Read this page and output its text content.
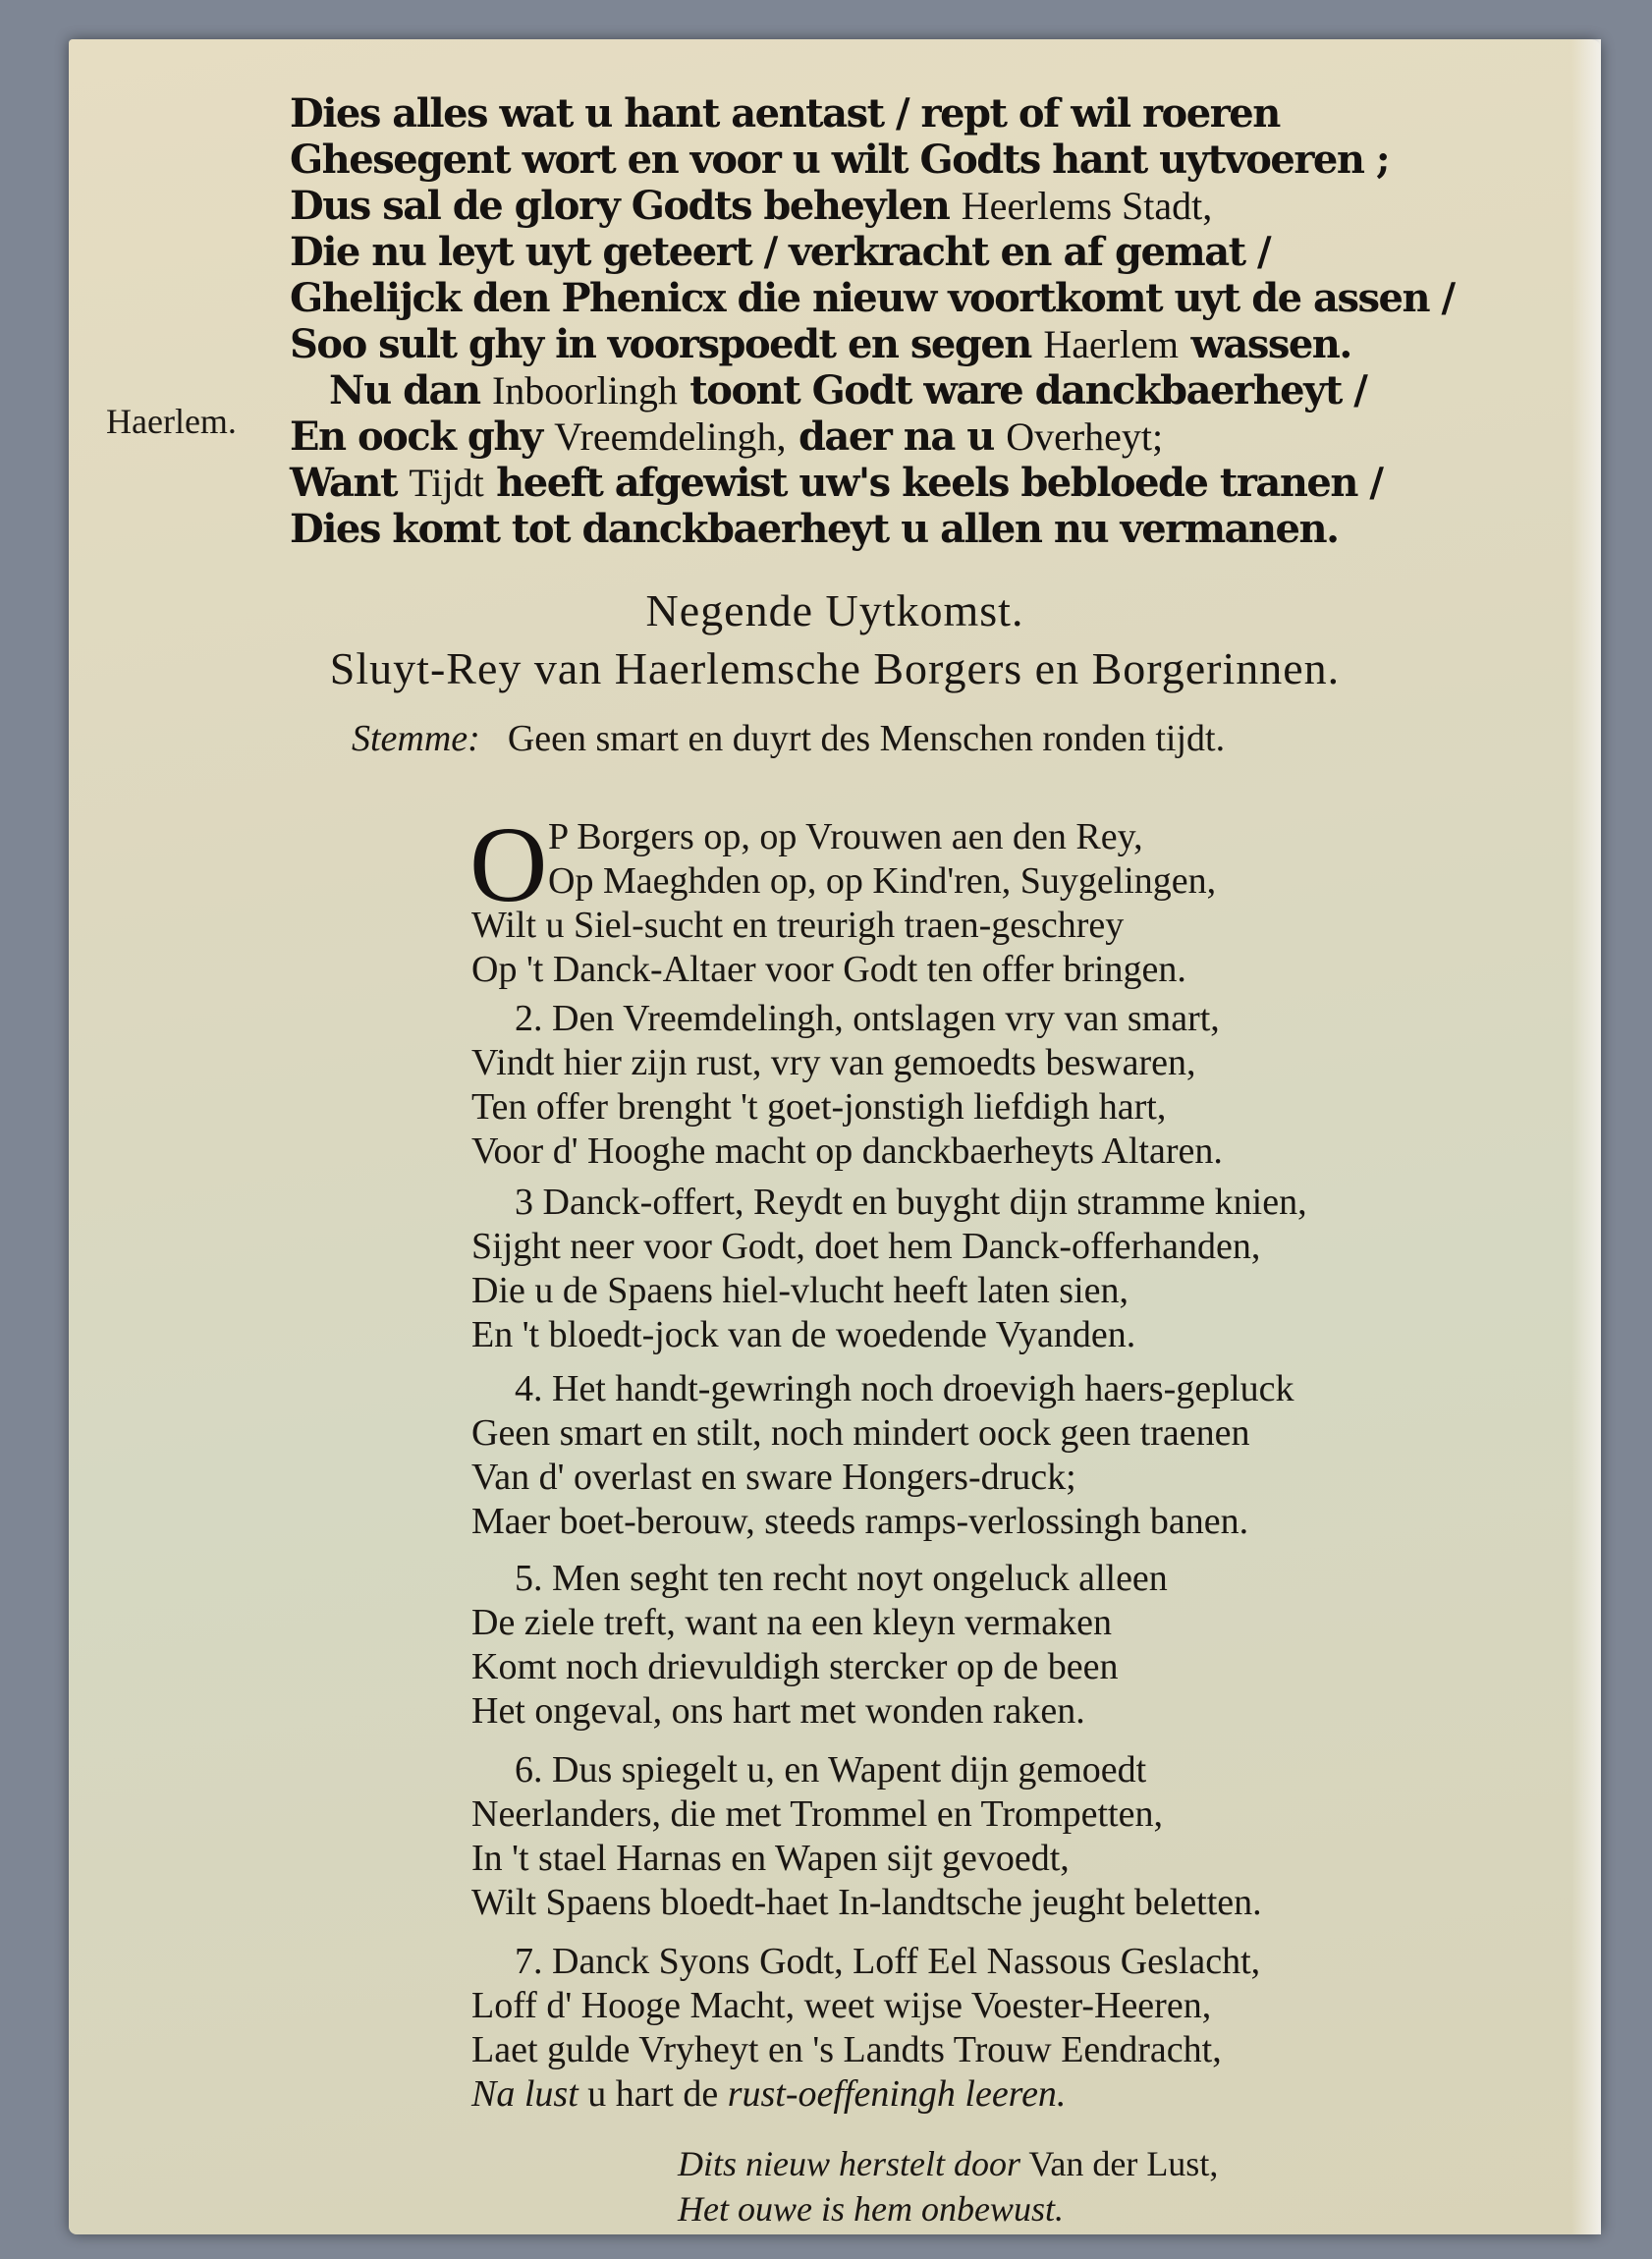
Dies alles wat u hant aentast / rept of wil roeren

Ghesegent wort en voor u wilt Godts hant uytvoeren ;

Dus sal de glory Godts beheylen Heerlems Stadt,

Die nu leyt uyt geteert / verkracht en af gemat /

Ghelijck den Phenicx die nieuw voortkomt uyt de assen /

Soo sult ghy in voorspoedt en segen Haerlem wassen.

Nu dan Inboorlingh toont Godt ware danckbaerheyt /

En oock ghy Vreemdelingh, daer na u Overheyt;

Want Tijdt heeft afgewist uw's keels bebloede tranen /

Dies komt tot danckbaerheyt u allen nu vermanen.

Haerlem.
Negende Uytkomst.
Sluyt-Rey van Haerlemsche Borgers en Borgerinnen.
Stemme: Geen smart en duyrt des Menschen ronden tijdt.
O P Borgers op, op Vrouwen aen den Rey,

Op Maeghden op, op Kind'ren, Suygelingen,

Wilt u Siel-sucht en treurigh traen-geschrey

Op 't Danck-Altaer voor Godt ten offer bringen.

2. Den Vreemdelingh, ontslagen vry van smart,

Vindt hier zijn rust, vry van gemoedts beswaren,

Ten offer brenght 't goet-jonstigh liefdigh hart,

Voor d' Hooghe macht op danckbaerheyts Altaren.

3 Danck-offert, Reydt en buyght dijn stramme knien,

Sijght neer voor Godt, doet hem Danck-offerhanden,

Die u de Spaens hiel-vlucht heeft laten sien,

En 't bloedt-jock van de woedende Vyanden.

4. Het handt-gewringh noch droevigh haers-gepluck

Geen smart en stilt, noch mindert oock geen traenen

Van d' overlast en sware Hongers-druck;

Maer boet-berouw, steeds ramps-verlossingh banen.

5. Men seght ten recht noyt ongeluck alleen

De ziele treft, want na een kleyn vermaken

Komt noch drievuldigh stercker op de been

Het ongeval, ons hart met wonden raken.

6. Dus spiegelt u, en Wapent dijn gemoedt

Neerlanders, die met Trommel en Trompetten,

In 't stael Harnas en Wapen sijt gevoedt,

Wilt Spaens bloedt-haet In-landtsche jeught beletten.

7. Danck Syons Godt, Loff Eel Nassous Geslacht,

Loff d' Hooge Macht, weet wijse Voester-Heeren,

Laet gulde Vryheyt en 's Landts Trouw Eendracht,

Na lust u hart de rust-oeffeningh leeren.

Dits nieuw herstelt door Van der Lust,
Het ouwe is hem onbewust.
